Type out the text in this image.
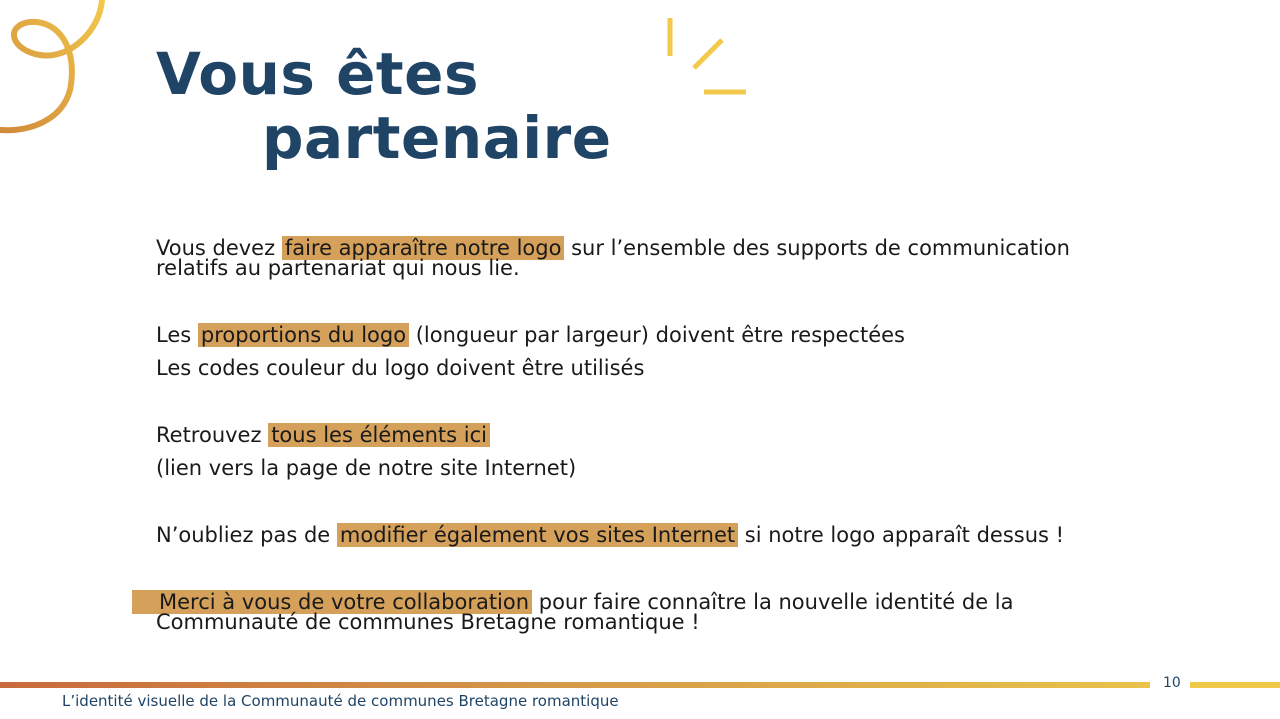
Vous êtes
partenaire

Vous devez faire apparaître notre logo sur l’ensemble des supports de communication
relatifs au partenariat qui nous lie.

Les proportions du logo (longueur par largeur) doivent être respectées
Les codes couleur du logo doivent être utilisés

Retrouvez tous les éléments ici
(lien vers la page de notre site Internet)

N’oubliez pas de modifier également vos sites Internet si notre logo apparaît dessus !

Merci à vous de votre collaboration pour faire connaître la nouvelle identité de la
Communauté de communes Bretagne romantique !

10
L’identité visuelle de la Communauté de communes Bretagne romantique
